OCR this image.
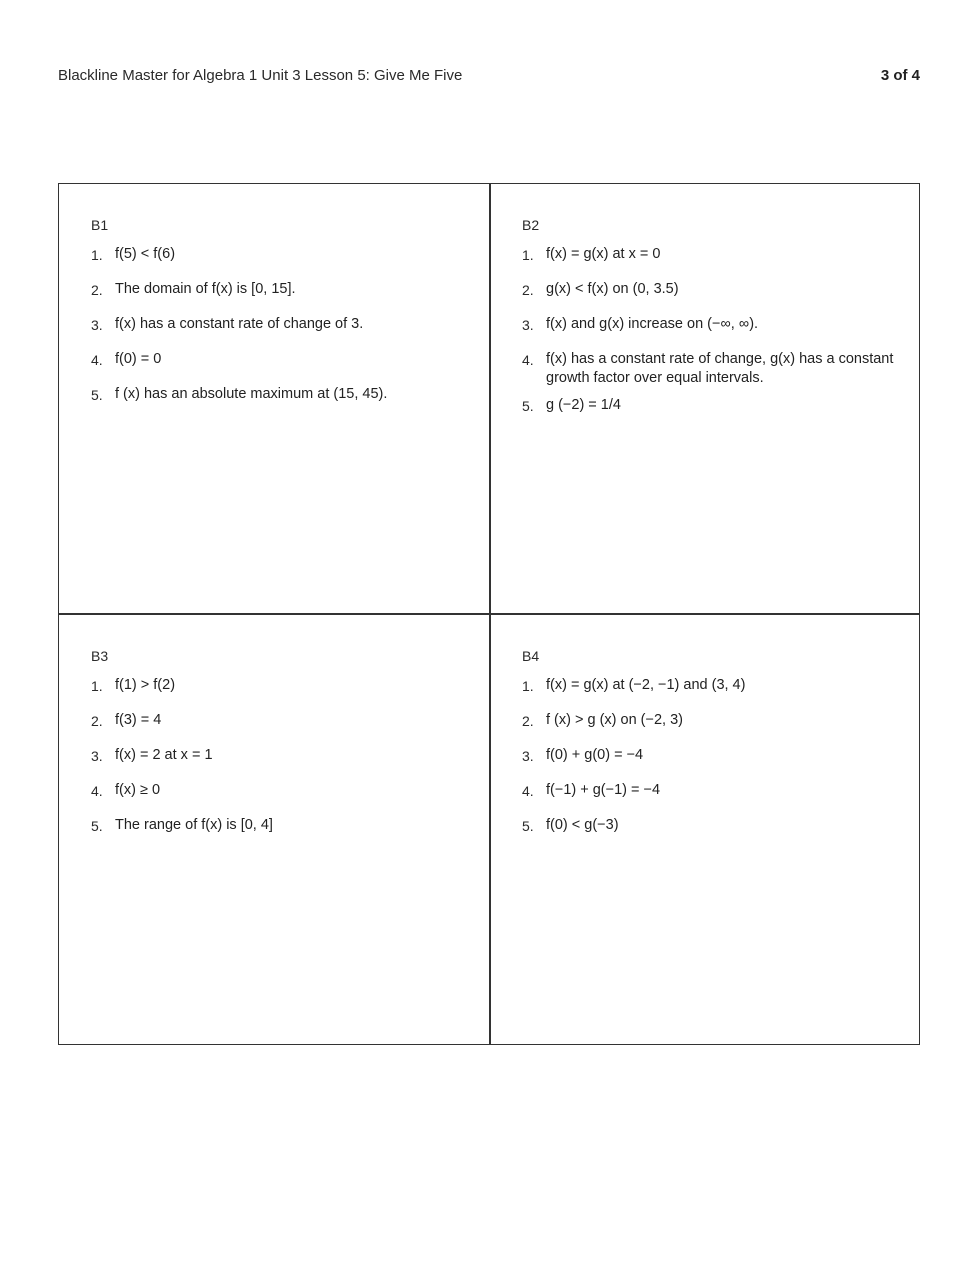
Blackline Master for Algebra 1 Unit 3 Lesson 5: Give Me Five	3 of 4
B1
1. f(5) < f(6)
2. The domain of f(x) is [0, 15].
3. f(x) has a constant rate of change of 3.
4. f(0) = 0
5. f (x) has an absolute maximum at (15, 45).
B2
1. f(x) = g(x) at x = 0
2. g(x) < f(x) on (0, 3.5)
3. f(x) and g(x) increase on (−∞, ∞).
4. f(x) has a constant rate of change, g(x) has a constant growth factor over equal intervals.
5. g (−2) = 1/4
B3
1. f(1) > f(2)
2. f(3) = 4
3. f(x) = 2 at x = 1
4. f(x) ≥ 0
5. The range of f(x) is [0, 4]
B4
1. f(x) = g(x) at (−2, −1) and (3, 4)
2. f (x) > g (x) on (−2, 3)
3. f(0) + g(0) = −4
4. f(−1) + g(−1) = −4
5. f(0) < g(−3)
